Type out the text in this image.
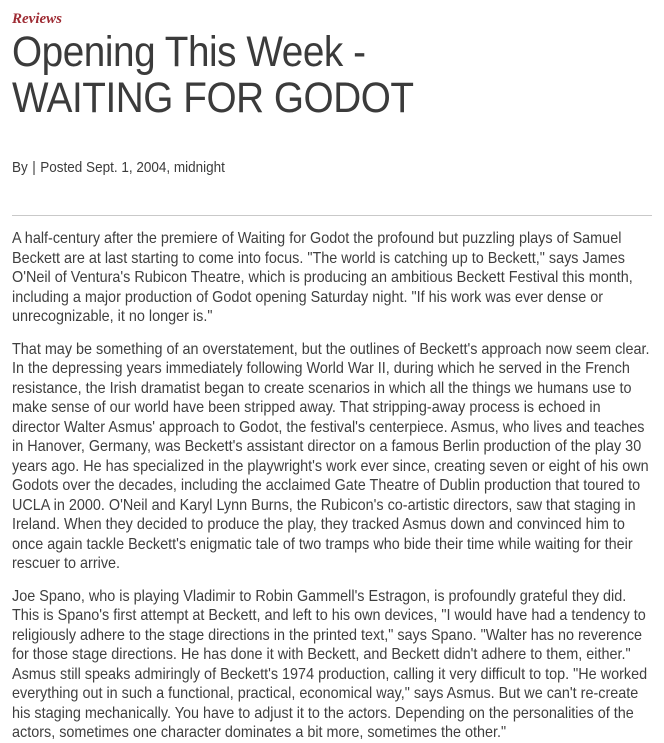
Reviews
Opening This Week -
WAITING FOR GODOT
By | Posted Sept. 1, 2004, midnight

A half-century after the premiere of Waiting for Godot the profound but puzzling plays of Samuel Beckett are at last starting to come into focus. "The world is catching up to Beckett," says James O'Neil of Ventura's Rubicon Theatre, which is producing an ambitious Beckett Festival this month, including a major production of Godot opening Saturday night. "If his work was ever dense or unrecognizable, it no longer is."

That may be something of an overstatement, but the outlines of Beckett's approach now seem clear. In the depressing years immediately following World War II, during which he served in the French resistance, the Irish dramatist began to create scenarios in which all the things we humans use to make sense of our world have been stripped away. That stripping-away process is echoed in director Walter Asmus' approach to Godot, the festival's centerpiece. Asmus, who lives and teaches in Hanover, Germany, was Beckett's assistant director on a famous Berlin production of the play 30 years ago. He has specialized in the playwright's work ever since, creating seven or eight of his own Godots over the decades, including the acclaimed Gate Theatre of Dublin production that toured to UCLA in 2000. O'Neil and Karyl Lynn Burns, the Rubicon's co-artistic directors, saw that staging in Ireland. When they decided to produce the play, they tracked Asmus down and convinced him to once again tackle Beckett's enigmatic tale of two tramps who bide their time while waiting for their rescuer to arrive.

Joe Spano, who is playing Vladimir to Robin Gammell's Estragon, is profoundly grateful they did. This is Spano's first attempt at Beckett, and left to his own devices, "I would have had a tendency to religiously adhere to the stage directions in the printed text," says Spano. "Walter has no reverence for those stage directions. He has done it with Beckett, and Beckett didn't adhere to them, either." Asmus still speaks admiringly of Beckett's 1974 production, calling it very difficult to top. "He worked everything out in such a functional, practical, economical way," says Asmus. But we can't re-create his staging mechanically. You have to adjust it to the actors. Depending on the personalities of the actors, sometimes one character dominates a bit more, sometimes the other."
